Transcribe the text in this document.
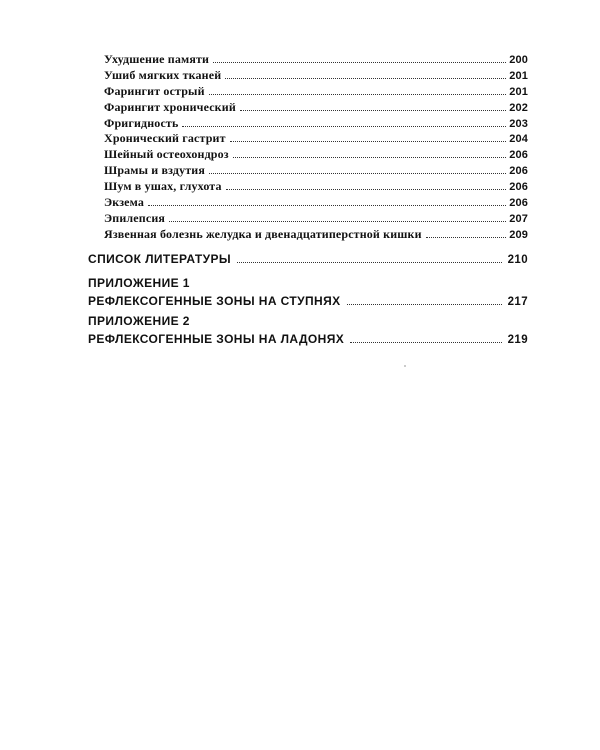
Ухудшение памяти	200
Ушиб мягких тканей	201
Фарингит острый	201
Фарингит хронический	202
Фригидность	203
Хронический гастрит	204
Шейный остеохондроз	206
Шрамы и вздутия	206
Шум в ушах, глухота	206
Экзема	206
Эпилепсия	207
Язвенная болезнь желудка и двенадцатиперстной кишки	209
СПИСОК ЛИТЕРАТУРЫ	210
ПРИЛОЖЕНИЕ 1
РЕФЛЕКСОГЕННЫЕ ЗОНЫ НА СТУПНЯХ	217
ПРИЛОЖЕНИЕ 2
РЕФЛЕКСОГЕННЫЕ ЗОНЫ НА ЛАДОНЯХ	219
